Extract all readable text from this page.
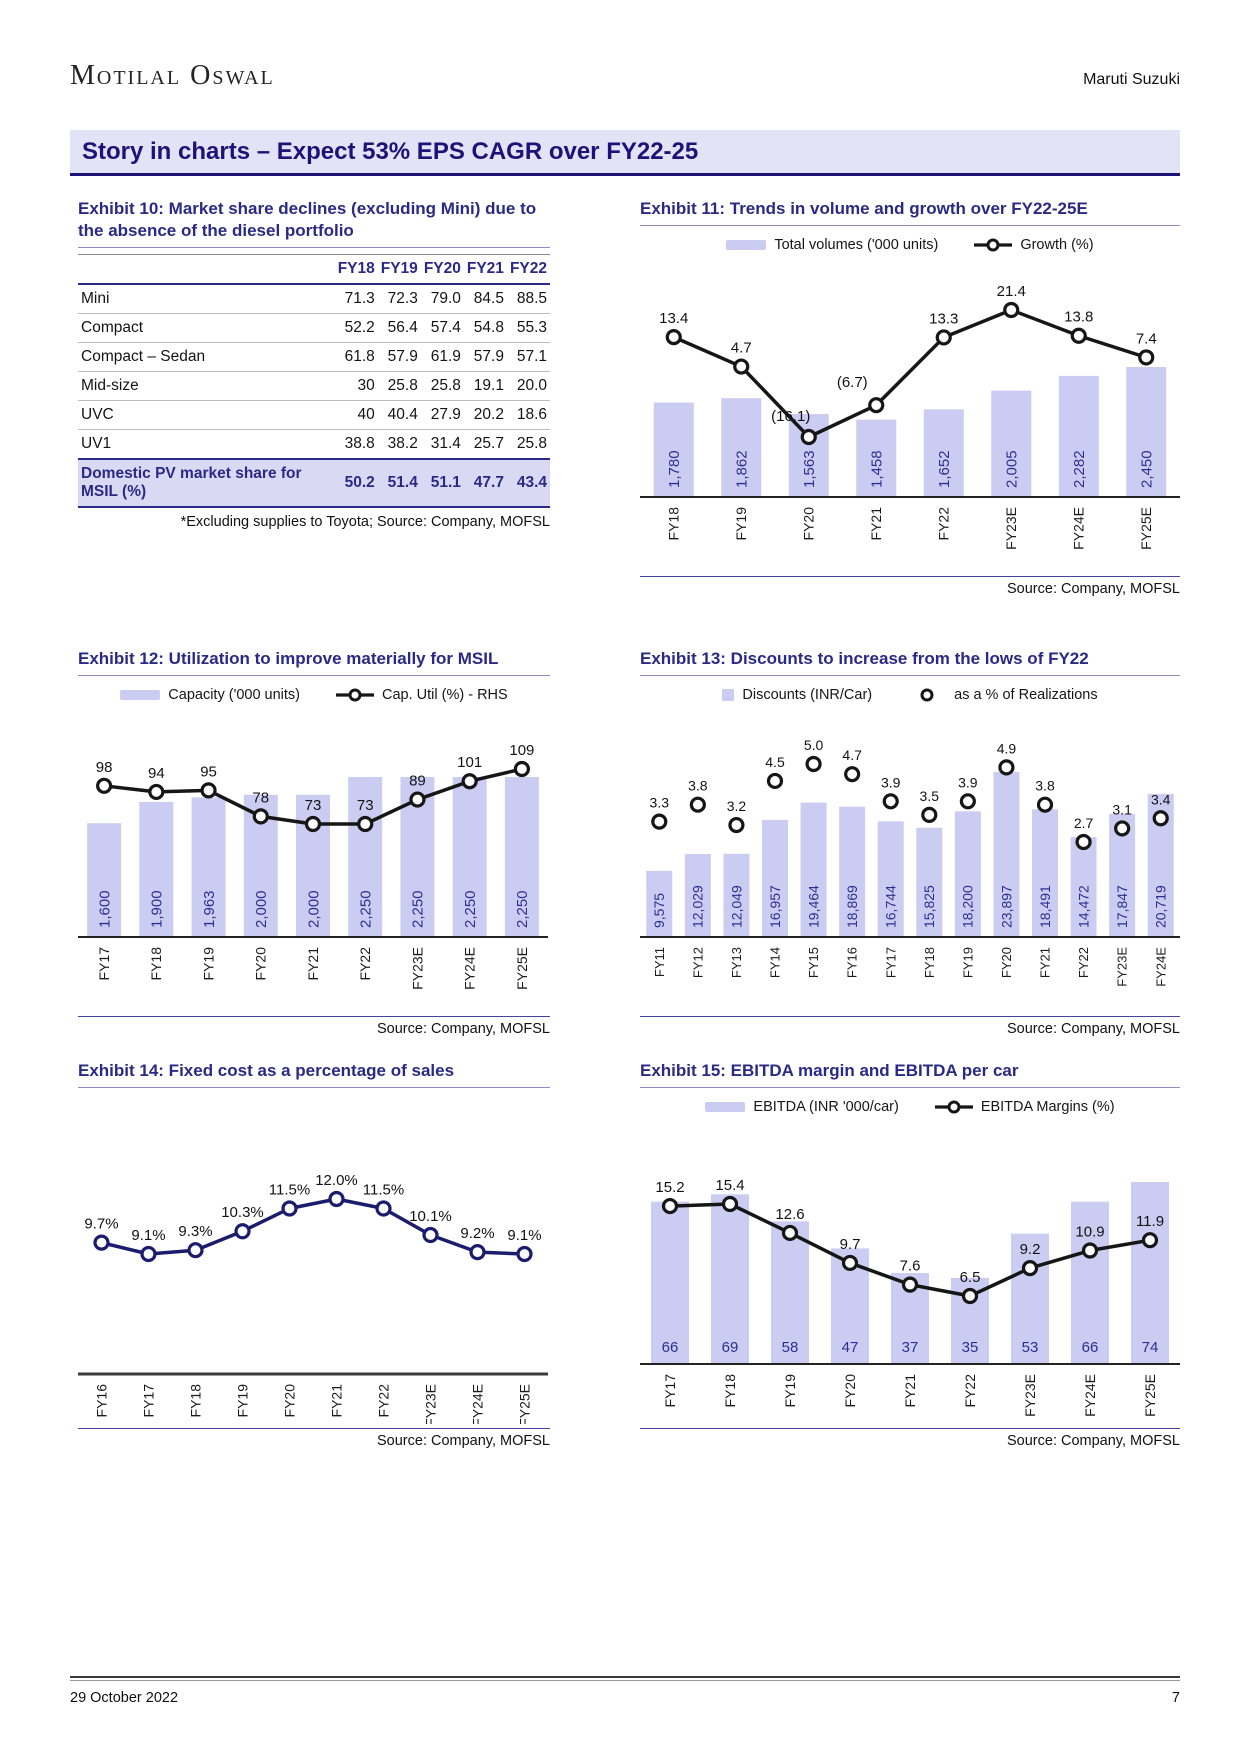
Motilal Oswal	Maruti Suzuki
Story in charts – Expect 53% EPS CAGR over FY22-25
Exhibit 10: Market share declines (excluding Mini) due to the absence of the diesel portfolio
	FY18	FY19	FY20	FY21	FY22
Mini	71.3	72.3	79.0	84.5	88.5
Compact	52.2	56.4	57.4	54.8	55.3
Compact – Sedan	61.8	57.9	61.9	57.9	57.1
Mid-size	30	25.8	25.8	19.1	20.0
UVC	40	40.4	27.9	20.2	18.6
UV1	38.8	38.2	31.4	25.7	25.8
Domestic PV market share for MSIL (%)	50.2	51.4	51.1	47.7	43.4
*Excluding supplies to Toyota; Source: Company, MOFSL
Exhibit 11: Trends in volume and growth over FY22-25E
Total volumes ('000 units)	Growth (%)
1,780	1,862	1,563	1,458	1,652	2,005	2,282	2,450
13.4
4.7
(16.1)
(6.7)
13.3
21.4
13.8
7.4
FY18	FY19	FY20	FY21	FY22	FY23E	FY24E	FY25E
Source: Company, MOFSL
Exhibit 12: Utilization to improve materially for MSIL
Capacity ('000 units)	Cap. Util (%) - RHS
1,600 1,900 1,963 2,000 2,000 2,250 2,250 2,250 2,250
98 94 95
78 73 73
89
101
109
FY17	FY18	FY19	FY20	FY21	FY22	FY23E	FY24E	FY25E
Source: Company, MOFSL
Exhibit 13: Discounts to increase from the lows of FY22
Discounts (INR/Car)	as a % of Realizations
9,575 12,029 12,049 16,957 19,464 18,869 16,744 15,825 18,200 23,897 18,491 14,472 17,847 20,719
3.3
3.8
3.2
4.5
5.0
4.7
3.9
3.5
3.9
4.9
3.8
2.7
3.1
3.4
FY11 FY12 FY13 FY14 FY15 FY16 FY17 FY18 FY19 FY20 FY21 FY22 FY23E FY24E
Source: Company, MOFSL
Exhibit 14: Fixed cost as a percentage of sales
9.7%
9.1% 9.3%
10.3%
11.5%
12.0%
11.5%
10.1%
9.2% 9.1%
FY16 FY17 FY18 FY19 FY20 FY21 FY22 FY23E FY24E FY25E
Source: Company, MOFSL
Exhibit 15: EBITDA margin and EBITDA per car
EBITDA (INR '000/car)	EBITDA Margins (%)
66	69	58	47	37	35	53	66	74
15.2 15.4
12.6
9.7
7.6
6.5
9.2
10.9
11.9
FY17	FY18	FY19	FY20	FY21	FY22	FY23E	FY24E	FY25E
Source: Company, MOFSL
29 October 2022	7
